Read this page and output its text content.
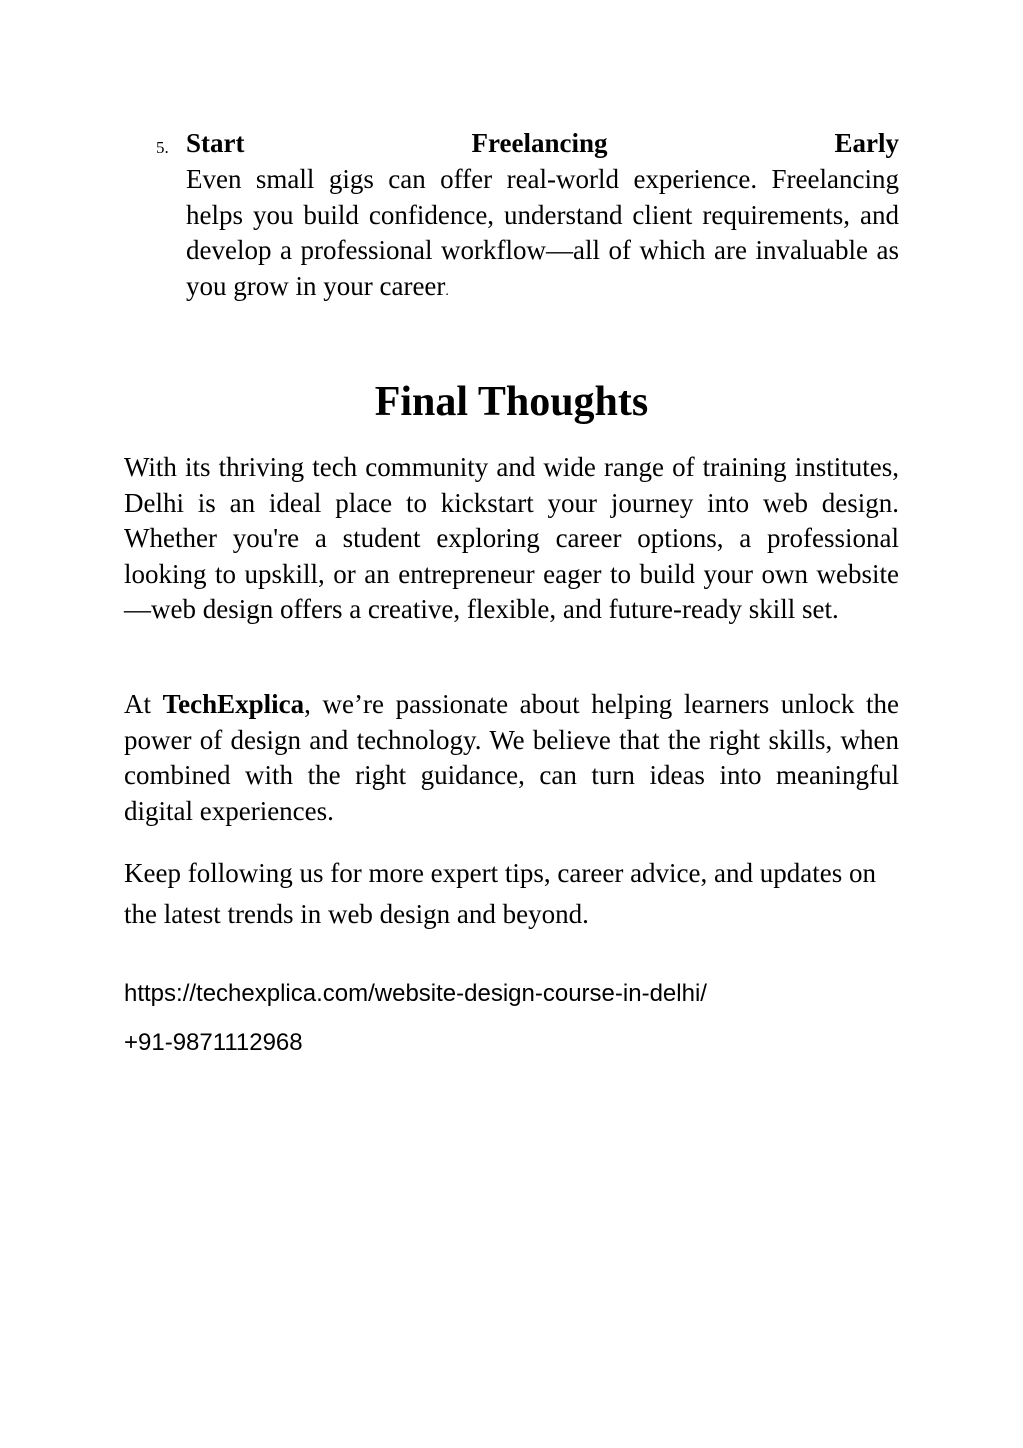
5. Start	Freelancing	Early
Even small gigs can offer real-world experience. Freelancing helps you build confidence, understand client requirements, and develop a professional workflow—all of which are invaluable as you grow in your career.
Final Thoughts

With its thriving tech community and wide range of training institutes, Delhi is an ideal place to kickstart your journey into web design. Whether you're a student exploring career options, a professional looking to upskill, or an entrepreneur eager to build your own website—web design offers a creative, flexible, and future-ready skill set.

At TechExplica, we’re passionate about helping learners unlock the power of design and technology. We believe that the right skills, when combined with the right guidance, can turn ideas into meaningful digital experiences.

Keep following us for more expert tips, career advice, and updates on the latest trends in web design and beyond.

https://techexplica.com/website-design-course-in-delhi/

+91-9871112968
